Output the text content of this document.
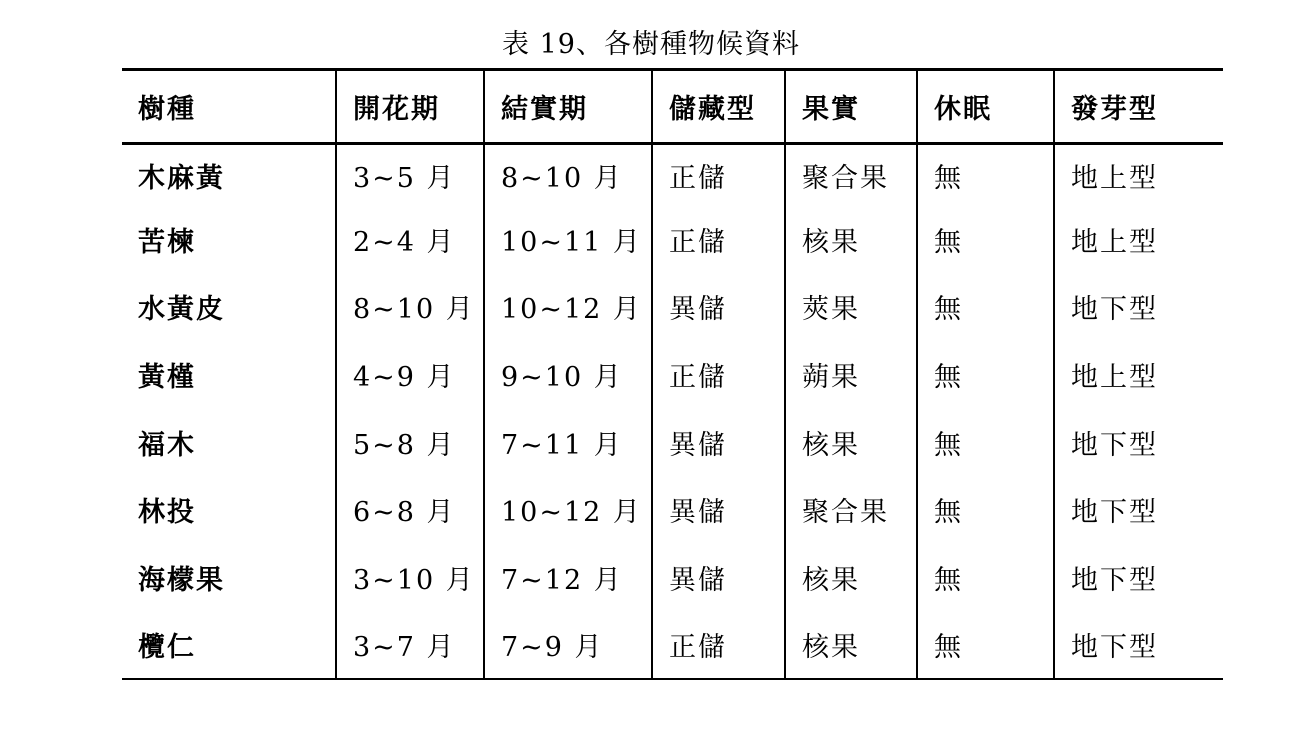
表 19、各樹種物候資料
樹種	開花期	結實期	儲藏型	果實	休眠	發芽型
木麻黃	3~5 月	8~10 月	正儲	聚合果	無	地上型
苦楝	2~4 月	10~11 月	正儲	核果	無	地上型
水黃皮	8~10 月	10~12 月	異儲	莢果	無	地下型
黃槿	4~9 月	9~10 月	正儲	蒴果	無	地上型
福木	5~8 月	7~11 月	異儲	核果	無	地下型
林投	6~8 月	10~12 月	異儲	聚合果	無	地下型
海檬果	3~10 月	7~12 月	異儲	核果	無	地下型
欖仁	3~7 月	7~9 月	正儲	核果	無	地下型
